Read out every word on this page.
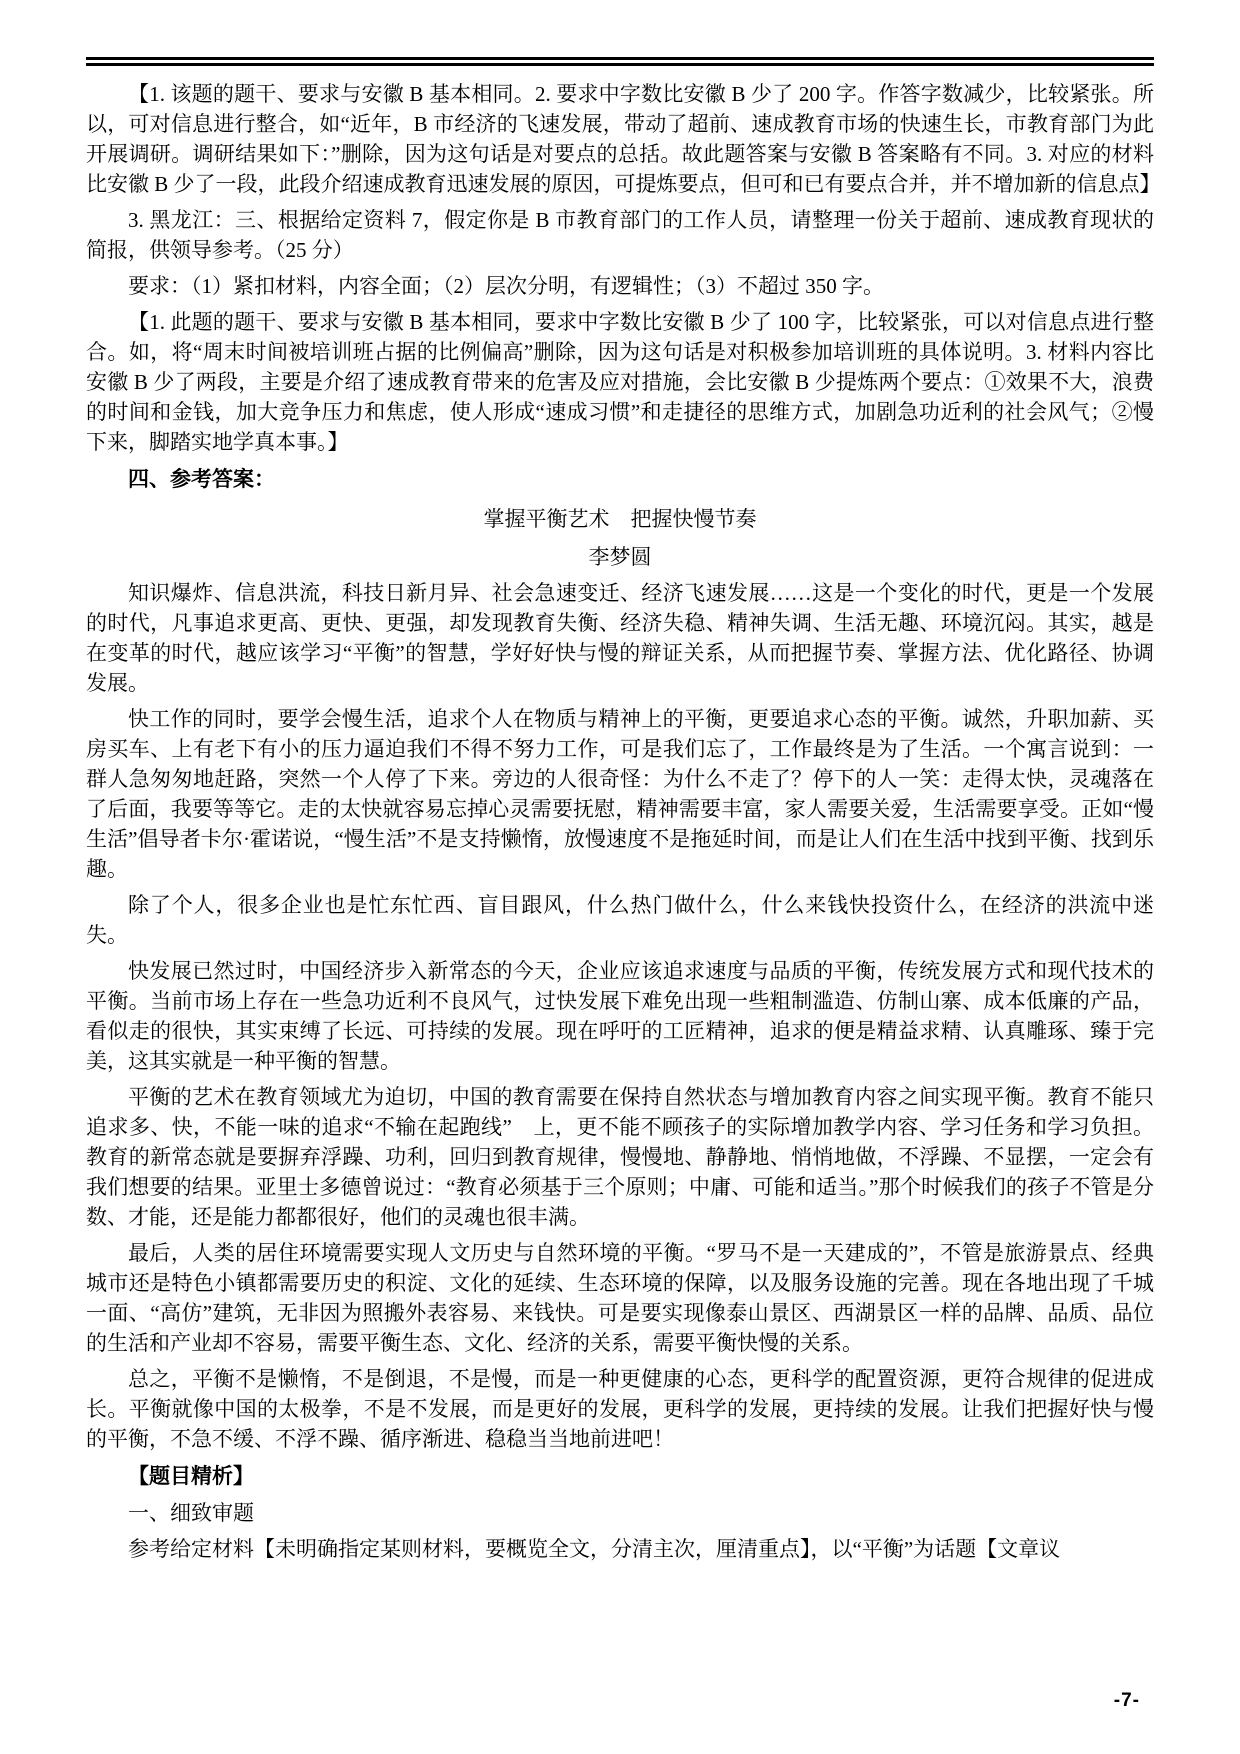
【1. 该题的题干、要求与安徽 B 基本相同。2. 要求中字数比安徽 B 少了 200 字。作答字数减少，比较紧张。所以，可对信息进行整合，如“近年，B 市经济的飞速发展，带动了超前、速成教育市场的快速生长，市教育部门为此开展调研。调研结果如下：”删除，因为这句话是对要点的总括。故此题答案与安徽 B 答案略有不同。3. 对应的材料比安徽 B 少了一段，此段介绍速成教育迅速发展的原因，可提炼要点，但可和已有要点合并，并不增加新的信息点】

3. 黑龙江：三、根据给定资料 7，假定你是 B 市教育部门的工作人员，请整理一份关于超前、速成教育现状的简报，供领导参考。（25 分）

要求：（1）紧扣材料，内容全面；（2）层次分明，有逻辑性；（3）不超过 350 字。

【1. 此题的题干、要求与安徽 B 基本相同，要求中字数比安徽 B 少了 100 字，比较紧张，可以对信息点进行整合。如，将“周末时间被培训班占据的比例偏高”删除，因为这句话是对积极参加培训班的具体说明。3. 材料内容比安徽 B 少了两段，主要是介绍了速成教育带来的危害及应对措施，会比安徽 B 少提炼两个要点：①效果不大，浪费的时间和金钱，加大竞争压力和焦虑，使人形成“速成习惯”和走捷径的思维方式，加剧急功近利的社会风气；②慢下来，脚踏实地学真本事。】

四、参考答案：

掌握平衡艺术　把握快慢节奏

李梦圆

知识爆炸、信息洪流，科技日新月异、社会急速变迁、经济飞速发展……这是一个变化的时代，更是一个发展的时代，凡事追求更高、更快、更强，却发现教育失衡、经济失稳、精神失调、生活无趣、环境沉闷。其实，越是在变革的时代，越应该学习“平衡”的智慧，学好好快与慢的辩证关系，从而把握节奏、掌握方法、优化路径、协调发展。

快工作的同时，要学会慢生活，追求个人在物质与精神上的平衡，更要追求心态的平衡。诚然，升职加薪、买房买车、上有老下有小的压力逼迫我们不得不努力工作，可是我们忘了，工作最终是为了生活。一个寓言说到：一群人急匆匆地赶路，突然一个人停了下来。旁边的人很奇怪：为什么不走了？停下的人一笑：走得太快，灵魂落在了后面，我要等等它。走的太快就容易忘掉心灵需要抚慰，精神需要丰富，家人需要关爱，生活需要享受。正如“慢生活”倡导者卡尔·霍诺说，“慢生活”不是支持懒惰，放慢速度不是拖延时间，而是让人们在生活中找到平衡、找到乐趣。

除了个人，很多企业也是忙东忙西、盲目跟风，什么热门做什么，什么来钱快投资什么，在经济的洪流中迷失。

快发展已然过时，中国经济步入新常态的今天，企业应该追求速度与品质的平衡，传统发展方式和现代技术的平衡。当前市场上存在一些急功近利不良风气，过快发展下难免出现一些粗制滥造、仿制山寨、成本低廉的产品，看似走的很快，其实束缚了长远、可持续的发展。现在呼吁的工匠精神，追求的便是精益求精、认真雕琢、臻于完美，这其实就是一种平衡的智慧。

平衡的艺术在教育领域尤为迫切，中国的教育需要在保持自然状态与增加教育内容之间实现平衡。教育不能只追求多、快，不能一味的追求“不输在起跑线”　上，更不能不顾孩子的实际增加教学内容、学习任务和学习负担。教育的新常态就是要摒弃浮躁、功利，回归到教育规律，慢慢地、静静地、悄悄地做，不浮躁、不显摆，一定会有我们想要的结果。亚里士多德曾说过：“教育必须基于三个原则；中庸、可能和适当。”那个时候我们的孩子不管是分数、才能，还是能力都都很好，他们的灵魂也很丰满。

最后，人类的居住环境需要实现人文历史与自然环境的平衡。“罗马不是一天建成的”，不管是旅游景点、经典城市还是特色小镇都需要历史的积淀、文化的延续、生态环境的保障，以及服务设施的完善。现在各地出现了千城一面、“高仿”建筑，无非因为照搬外表容易、来钱快。可是要实现像泰山景区、西湖景区一样的品牌、品质、品位的生活和产业却不容易，需要平衡生态、文化、经济的关系，需要平衡快慢的关系。

总之，平衡不是懒惰，不是倒退，不是慢，而是一种更健康的心态，更科学的配置资源，更符合规律的促进成长。平衡就像中国的太极拳，不是不发展，而是更好的发展，更科学的发展，更持续的发展。让我们把握好快与慢的平衡，不急不缓、不浮不躁、循序渐进、稳稳当当地前进吧！

【题目精析】

一、细致审题

参考给定材料【未明确指定某则材料，要概览全文，分清主次，厘清重点】，以“平衡”为话题【文章议

-7-
